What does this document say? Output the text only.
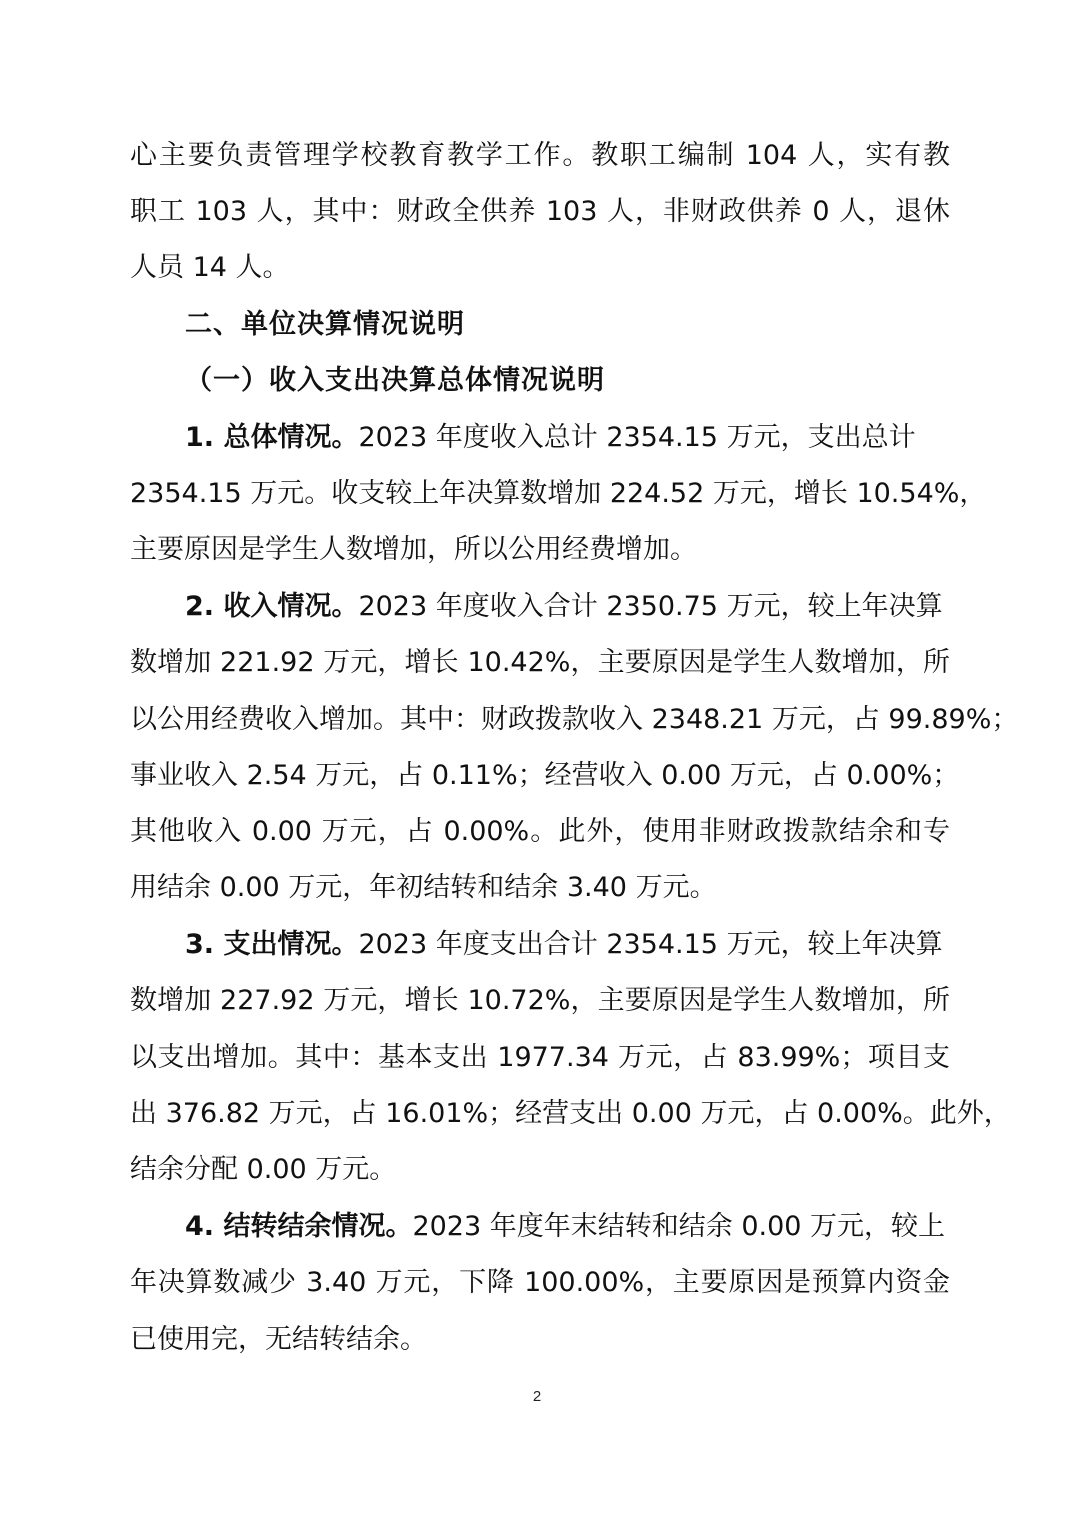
心主要负责管理学校教育教学工作。教职工编制 104 人，实有教
职工 103 人，其中：财政全供养 103 人，非财政供养 0 人，退休
人员 14 人。
二、单位决算情况说明
（一）收入支出决算总体情况说明
1. 总体情况。2023 年度收入总计 2354.15 万元，支出总计
2354.15 万元。收支较上年决算数增加 224.52 万元，增长 10.54%，
主要原因是学生人数增加，所以公用经费增加。
2. 收入情况。2023 年度收入合计 2350.75 万元，较上年决算
数增加 221.92 万元，增长 10.42%，主要原因是学生人数增加，所
以公用经费收入增加。其中：财政拨款收入 2348.21 万元，占 99.89%；
事业收入 2.54 万元，占 0.11%；经营收入 0.00 万元，占 0.00%；
其他收入 0.00 万元，占 0.00%。此外，使用非财政拨款结余和专
用结余 0.00 万元，年初结转和结余 3.40 万元。
3. 支出情况。2023 年度支出合计 2354.15 万元，较上年决算
数增加 227.92 万元，增长 10.72%，主要原因是学生人数增加，所
以支出增加。其中：基本支出 1977.34 万元，占 83.99%；项目支
出 376.82 万元，占 16.01%；经营支出 0.00 万元，占 0.00%。此外，
结余分配 0.00 万元。
4. 结转结余情况。2023 年度年末结转和结余 0.00 万元，较上
年决算数减少 3.40 万元，下降 100.00%，主要原因是预算内资金
已使用完，无结转结余。
2
